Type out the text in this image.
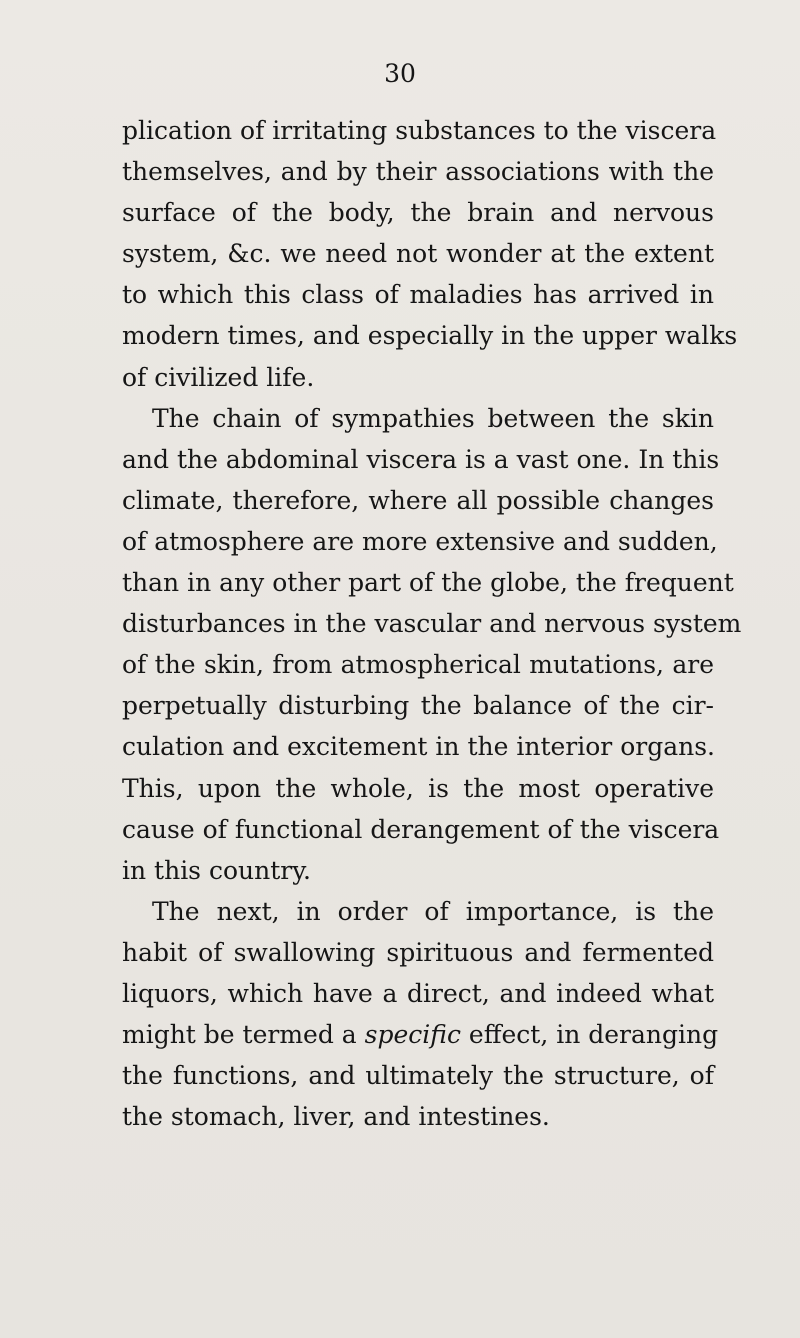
30
plication of irritating substances to the viscera
themselves, and by their associations with the
surface of the body, the brain and nervous
system, &c. we need not wonder at the extent
to which this class of maladies has arrived in
modern times, and especially in the upper walks
of civilized life.
The chain of sympathies between the skin
and the abdominal viscera is a vast one. In this
climate, therefore, where all possible changes
of atmosphere are more extensive and sudden,
than in any other part of the globe, the frequent
disturbances in the vascular and nervous system
of the skin, from atmospherical mutations, are
perpetually disturbing the balance of the cir-
culation and excitement in the interior organs.
This, upon the whole, is the most operative
cause of functional derangement of the viscera
in this country.
The next, in order of importance, is the
habit of swallowing spirituous and fermented
liquors, which have a direct, and indeed what
might be termed a specific effect, in deranging
the functions, and ultimately the structure, of
the stomach, liver, and intestines.
